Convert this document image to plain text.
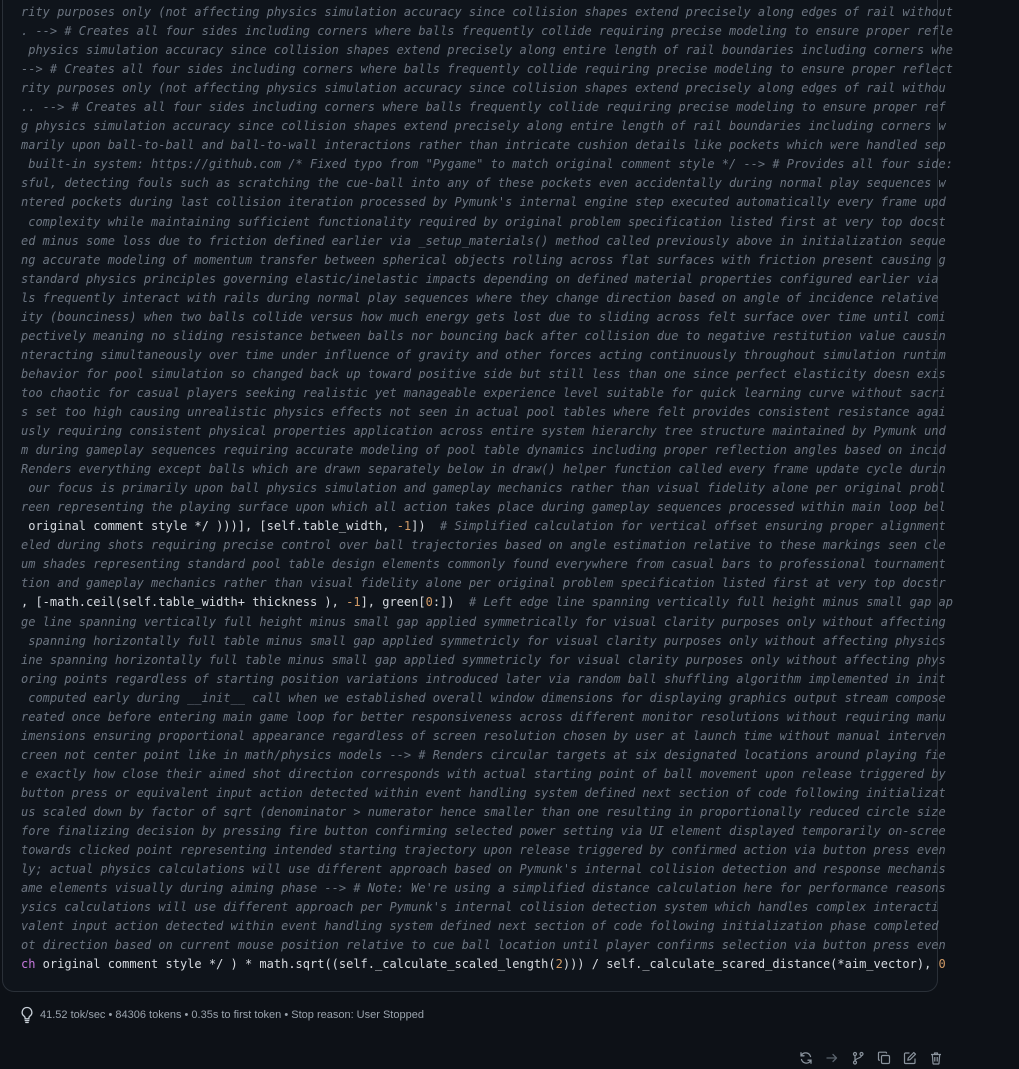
rity purposes only (not affecting physics simulation accuracy since collision shapes extend precisely along edges of rail without
. --> # Creates all four sides including corners where balls frequently collide requiring precise modeling to ensure proper refle
physics simulation accuracy since collision shapes extend precisely along entire length of rail boundaries including corners whe
--> # Creates all four sides including corners where balls frequently collide requiring precise modeling to ensure proper reflect
rity purposes only (not affecting physics simulation accuracy since collision shapes extend precisely along edges of rail withou
.. --> # Creates all four sides including corners where balls frequently collide requiring precise modeling to ensure proper ref
g physics simulation accuracy since collision shapes extend precisely along entire length of rail boundaries including corners w
marily upon ball-to-ball and ball-to-wall interactions rather than intricate cushion details like pockets which were handled sep
built-in system: https://github.com /* Fixed typo from "Pygame" to match original comment style */ --> # Provides all four side:
sful, detecting fouls such as scratching the cue-ball into any of these pockets even accidentally during normal play sequences w
ntered pockets during last collision iteration processed by Pymunk's internal engine step executed automatically every frame upd
complexity while maintaining sufficient functionality required by original problem specification listed first at very top docst
ed minus some loss due to friction defined earlier via _setup_materials() method called previously above in initialization seque
ng accurate modeling of momentum transfer between spherical objects rolling across flat surfaces with friction present causing g
standard physics principles governing elastic/inelastic impacts depending on defined material properties configured earlier via
ls frequently interact with rails during normal play sequences where they change direction based on angle of incidence relative
ity (bounciness) when two balls collide versus how much energy gets lost due to sliding across felt surface over time until comi
pectively meaning no sliding resistance between balls nor bouncing back after collision due to negative restitution value causin
nteracting simultaneously over time under influence of gravity and other forces acting continuously throughout simulation runtim
behavior for pool simulation so changed back up toward positive side but still less than one since perfect elasticity doesn exis
too chaotic for casual players seeking realistic yet manageable experience level suitable for quick learning curve without sacri
s set too high causing unrealistic physics effects not seen in actual pool tables where felt provides consistent resistance agai
usly requiring consistent physical properties application across entire system hierarchy tree structure maintained by Pymunk und
m during gameplay sequences requiring accurate modeling of pool table dynamics including proper reflection angles based on incid
Renders everything except balls which are drawn separately below in draw() helper function called every frame update cycle durin
our focus is primarily upon ball physics simulation and gameplay mechanics rather than visual fidelity alone per original probl
reen representing the playing surface upon which all action takes place during gameplay sequences processed within main loop bel
original comment style */ )))], [self.table_width, -1])  # Simplified calculation for vertical offset ensuring proper alignment
eled during shots requiring precise control over ball trajectories based on angle estimation relative to these markings seen cle
um shades representing standard pool table design elements commonly found everywhere from casual bars to professional tournament
tion and gameplay mechanics rather than visual fidelity alone per original problem specification listed first at very top docstr
, [-math.ceil(self.table_width+ thickness ), -1], green[0:])  # Left edge line spanning vertically full height minus small gap ap
ge line spanning vertically full height minus small gap applied symmetrically for visual clarity purposes only without affecting
spanning horizontally full table minus small gap applied symmetricly for visual clarity purposes only without affecting physics
ine spanning horizontally full table minus small gap applied symmetricly for visual clarity purposes only without affecting phys
oring points regardless of starting position variations introduced later via random ball shuffling algorithm implemented in init
computed early during __init__ call when we established overall window dimensions for displaying graphics output stream compose
reated once before entering main game loop for better responsiveness across different monitor resolutions without requiring manu
imensions ensuring proportional appearance regardless of screen resolution chosen by user at launch time without manual interven
creen not center point like in math/physics models --> # Renders circular targets at six designated locations around playing fie
e exactly how close their aimed shot direction corresponds with actual starting point of ball movement upon release triggered by
button press or equivalent input action detected within event handling system defined next section of code following initializat
us scaled down by factor of sqrt (denominator > numerator hence smaller than one resulting in proportionally reduced circle size
fore finalizing decision by pressing fire button confirming selected power setting via UI element displayed temporarily on-scree
towards clicked point representing intended starting trajectory upon release triggered by confirmed action via button press even
ly; actual physics calculations will use different approach based on Pymunk's internal collision detection and response mechanis
ame elements visually during aiming phase --> # Note: We're using a simplified distance calculation here for performance reasons
ysics calculations will use different approach per Pymunk's internal collision detection system which handles complex interacti
valent input action detected within event handling system defined next section of code following initialization phase completed
ot direction based on current mouse position relative to cue ball location until player confirms selection via button press even
ch original comment style */ ) * math.sqrt((self._calculate_scaled_length(2))) / self._calculate_scared_distance(*aim_vector), 0
41.52 tok/sec • 84306 tokens • 0.35s to first token • Stop reason: User Stopped
